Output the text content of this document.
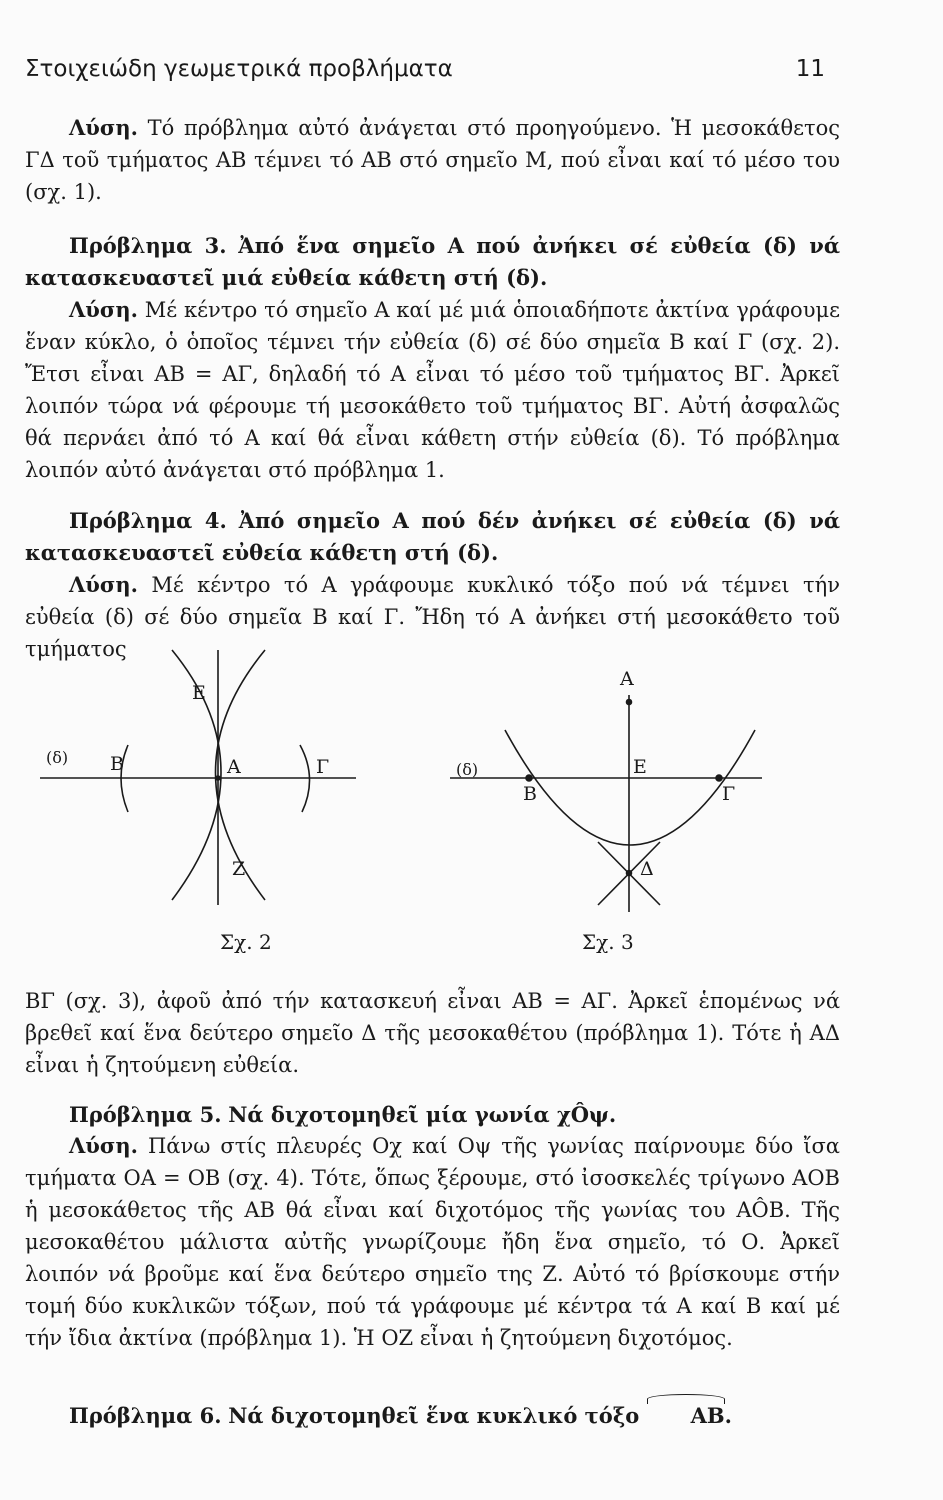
Στοιχειώδη γεωμετρικά προβλήματα	11
Λύση. Τό πρόβλημα αὐτό ἀνάγεται στό προηγούμενο. Ἡ μεσοκάθετος ΓΔ τοῦ τμήματος ΑΒ τέμνει τό ΑΒ στό σημεῖο Μ, πού εἶναι καί τό μέσο του (σχ. 1).
Πρόβλημα 3. Ἀπό ἕνα σημεῖο Α πού ἀνήκει σέ εὐθεία (δ) νά κατασκευαστεῖ μιά εὐθεία κάθετη στή (δ).
Λύση. Μέ κέντρο τό σημεῖο Α καί μέ μιά ὁποιαδήποτε ἀκτίνα γράφουμε ἕναν κύκλο, ὁ ὁποῖος τέμνει τήν εὐθεία (δ) σέ δύο σημεῖα Β καί Γ (σχ. 2). Ἔτσι εἶναι ΑΒ = ΑΓ, δηλαδή τό Α εἶναι τό μέσο τοῦ τμήματος ΒΓ. Ἀρκεῖ λοιπόν τώρα νά φέρουμε τή μεσοκάθετο τοῦ τμήματος ΒΓ. Αὐτή ἀσφαλῶς θά περνάει ἀπό τό Α καί θά εἶναι κάθετη στήν εὐθεία (δ). Τό πρόβλημα λοιπόν αὐτό ἀνάγεται στό πρόβλημα 1.
Πρόβλημα 4. Ἀπό σημεῖο Α πού δέν ἀνήκει σέ εὐθεία (δ) νά κατασκευαστεῖ εὐθεία κάθετη στή (δ).
Λύση. Μέ κέντρο τό Α γράφουμε κυκλικό τόξο πού νά τέμνει τήν εὐθεία (δ) σέ δύο σημεῖα Β καί Γ. Ἤδη τό Α ἀνήκει στή μεσοκάθετο τοῦ τμήματος
(δ) Β	Α	Γ
Ε
Ζ
Σχ. 2
Α
(δ)
Β
Ε
Γ
Δ
Σχ. 3
ΒΓ (σχ. 3), ἀφοῦ ἀπό τήν κατασκευή εἶναι ΑΒ = ΑΓ. Ἀρκεῖ ἑπομένως νά βρεθεῖ καί ἕνα δεύτερο σημεῖο Δ τῆς μεσοκαθέτου (πρόβλημα 1). Τότε ἡ ΑΔ εἶναι ἡ ζητούμενη εὐθεία.
Πρόβλημα 5. Νά διχοτομηθεῖ μία γωνία χÔψ.
Λύση. Πάνω στίς πλευρές Οχ καί Οψ τῆς γωνίας παίρνουμε δύο ἴσα τμήματα ΟΑ = ΟΒ (σχ. 4). Τότε, ὅπως ξέρουμε, στό ἰσοσκελές τρίγωνο ΑΟΒ ἡ μεσοκάθετος τῆς ΑΒ θά εἶναι καί διχοτόμος τῆς γωνίας του ΑÔΒ. Τῆς μεσοκαθέτου μάλιστα αὐτῆς γνωρίζουμε ἤδη ἕνα σημεῖο, τό Ο. Ἀρκεῖ λοιπόν νά βροῦμε καί ἕνα δεύτερο σημεῖο της Ζ. Αὐτό τό βρίσκουμε στήν τομή δύο κυκλικῶν τόξων, πού τά γράφουμε μέ κέντρα τά Α καί Β καί μέ τήν ἴδια ἀκτίνα (πρόβλημα 1). Ἡ ΟΖ εἶναι ἡ ζητούμενη διχοτόμος.
Πρόβλημα 6. Νά διχοτομηθεῖ ἕνα κυκλικό τόξο ΑΒ.
